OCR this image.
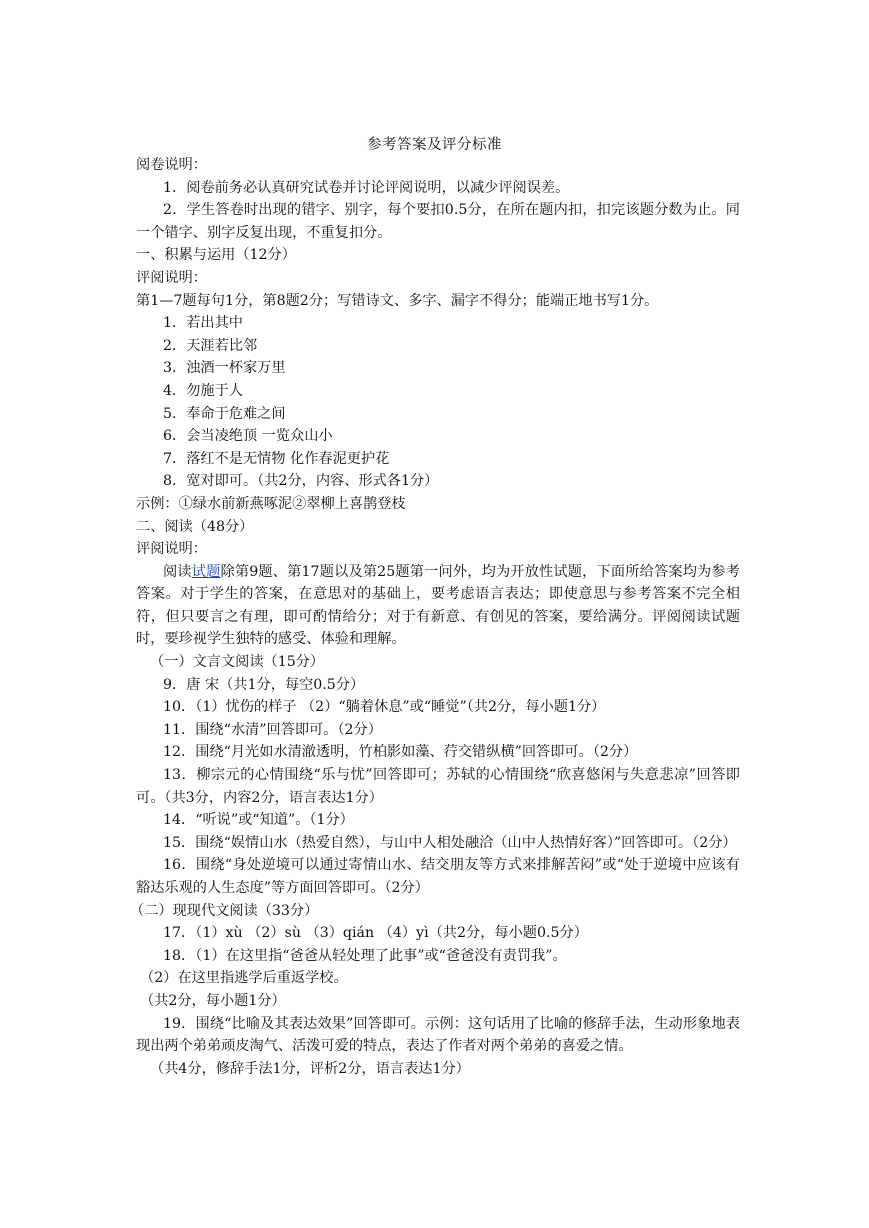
参考答案及评分标准

阅卷说明：

1．阅卷前务必认真研究试卷并讨论评阅说明，以减少评阅误差。

2．学生答卷时出现的错字、别字，每个要扣0.5分，在所在题内扣，扣完该题分数为止。同一个错字、别字反复出现，不重复扣分。

一、积累与运用（12分）

评阅说明：

第1—7题每句1分，第8题2分；写错诗文、多字、漏字不得分；能端正地书写1分。

1．若出其中

2．天涯若比邻

3．浊酒一杯家万里

4．勿施于人

5．奉命于危难之间

6．会当凌绝顶 一览众山小

7．落红不是无情物 化作春泥更护花

8．宽对即可。（共2分，内容、形式各1分）

示例：①绿水前新燕啄泥②翠柳上喜鹊登枝

二、阅读（48分）

评阅说明：

阅读试题除第9题、第17题以及第25题第一问外，均为开放性试题，下面所给答案均为参考答案。对于学生的答案，在意思对的基础上，要考虑语言表达；即使意思与参考答案不完全相符，但只要言之有理，即可酌情给分；对于有新意、有创见的答案，要给满分。评阅阅读试题时，要珍视学生独特的感受、体验和理解。

（一）文言文阅读（15分）

9．唐 宋（共1分，每空0.5分）

10．（1）忧伤的样子 （2）“躺着休息”或“睡觉”（共2分，每小题1分）

11．围绕“水清”回答即可。（2分）

12．围绕“月光如水清澈透明，竹柏影如藻、荇交错纵横”回答即可。（2分）

13．柳宗元的心情围绕“乐与忧”回答即可；苏轼的心情围绕“欣喜悠闲与失意悲凉”回答即可。（共3分，内容2分，语言表达1分）

14．“听说”或“知道”。（1分）

15．围绕“娱情山水（热爱自然），与山中人相处融洽（山中人热情好客）”回答即可。（2分）

16．围绕“身处逆境可以通过寄情山水、结交朋友等方式来排解苦闷”或“处于逆境中应该有豁达乐观的人生态度”等方面回答即可。（2分）

（二）现现代文阅读（33分）

17．（1）xù （2）sù （3）qián （4）yì（共2分，每小题0.5分）

18．（1）在这里指“爸爸从轻处理了此事”或“爸爸没有责罚我”。

（2）在这里指逃学后重返学校。

（共2分，每小题1分）

19．围绕“比喻及其表达效果”回答即可。示例：这句话用了比喻的修辞手法，生动形象地表现出两个弟弟顽皮淘气、活泼可爱的特点，表达了作者对两个弟弟的喜爱之情。

（共4分，修辞手法1分，评析2分，语言表达1分）
